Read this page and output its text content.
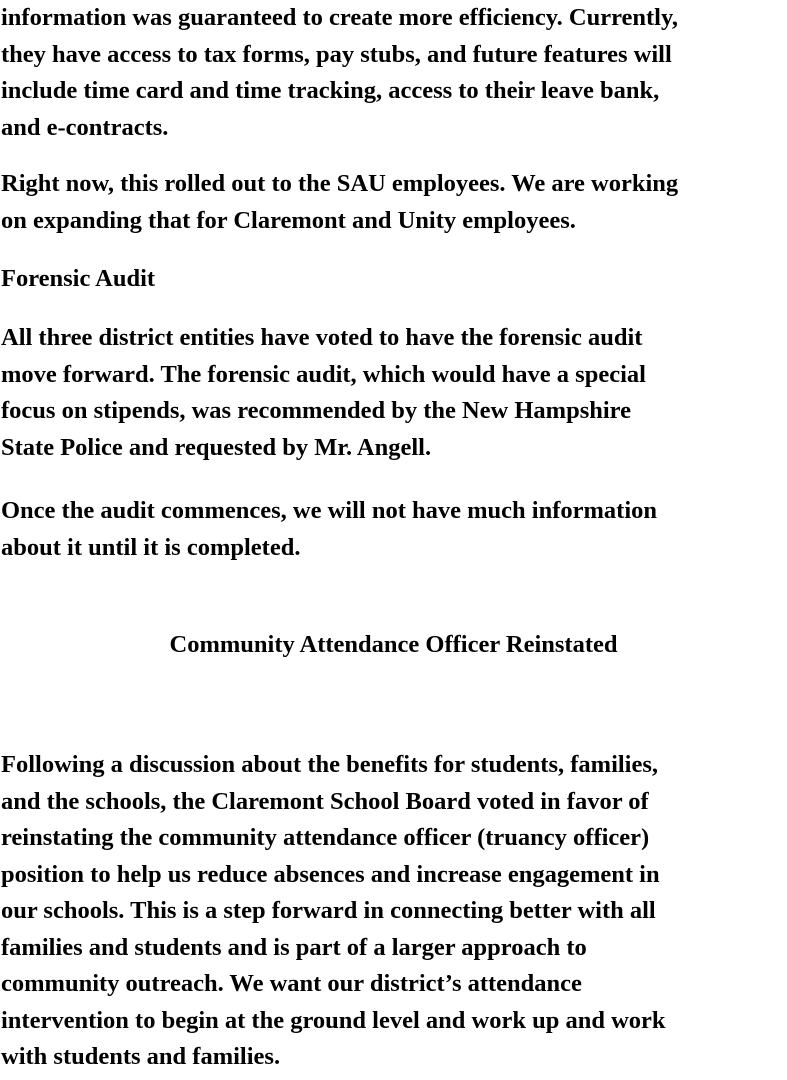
information was guaranteed to create more efficiency. Currently,
they have access to tax forms, pay stubs, and future features will
include time card and time tracking, access to their leave bank,
and e-contracts.

Right now, this rolled out to the SAU employees. We are working
on expanding that for Claremont and Unity employees.

Forensic Audit

All three district entities have voted to have the forensic audit
move forward. The forensic audit, which would have a special
focus on stipends, was recommended by the New Hampshire
State Police and requested by Mr. Angell.

Once the audit commences, we will not have much information
about it until it is completed.

Community Attendance Officer Reinstated

Following a discussion about the benefits for students, families,
and the schools, the Claremont School Board voted in favor of
reinstating the community attendance officer (truancy officer)
position to help us reduce absences and increase engagement in
our schools. This is a step forward in connecting better with all
families and students and is part of a larger approach to
community outreach. We want our district’s attendance
intervention to begin at the ground level and work up and work
with students and families.
